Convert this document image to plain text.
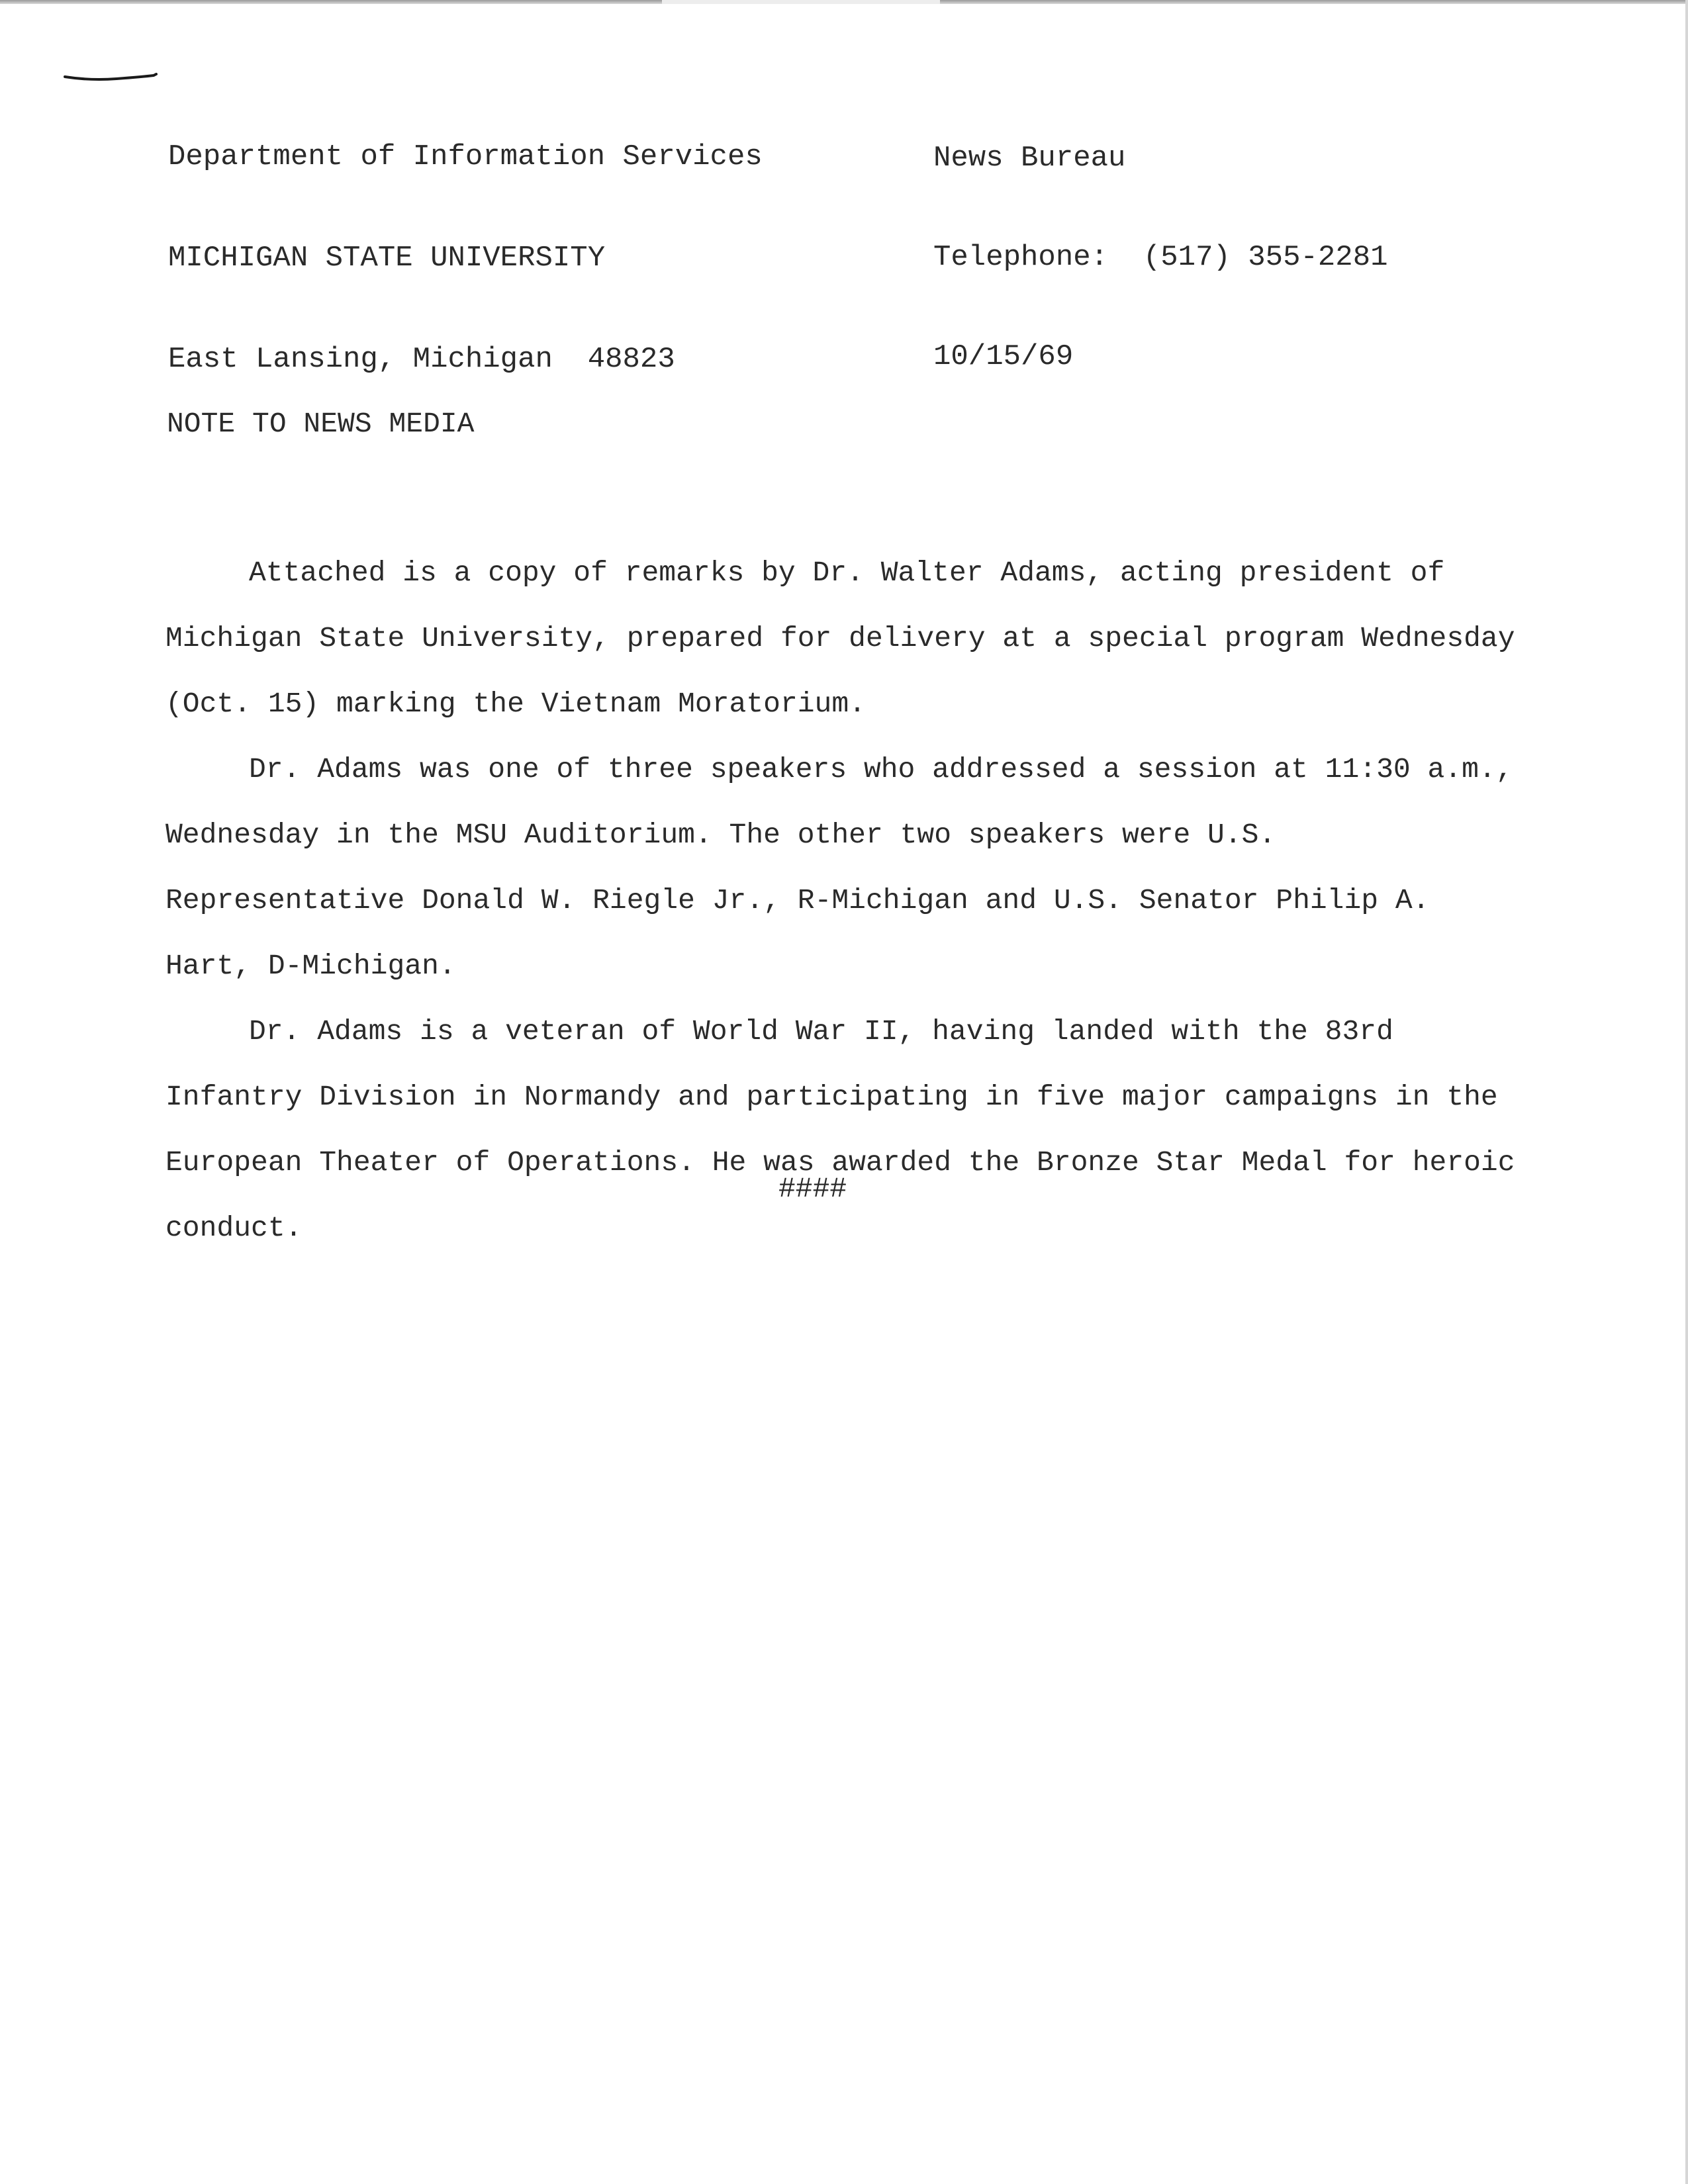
Department of Information Services

MICHIGAN STATE UNIVERSITY

East Lansing, Michigan  48823

News Bureau

Telephone:  (517) 355-2281

10/15/69

NOTE TO NEWS MEDIA

Attached is a copy of remarks by Dr. Walter Adams, acting president of Michigan State University, prepared for delivery at a special program Wednesday (Oct. 15) marking the Vietnam Moratorium.

Dr. Adams was one of three speakers who addressed a session at 11:30 a.m., Wednesday in the MSU Auditorium. The other two speakers were U.S. Representative Donald W. Riegle Jr., R-Michigan and U.S. Senator Philip A. Hart, D-Michigan.

Dr. Adams is a veteran of World War II, having landed with the 83rd Infantry Division in Normandy and participating in five major campaigns in the European Theater of Operations. He was awarded the Bronze Star Medal for heroic conduct.

####
